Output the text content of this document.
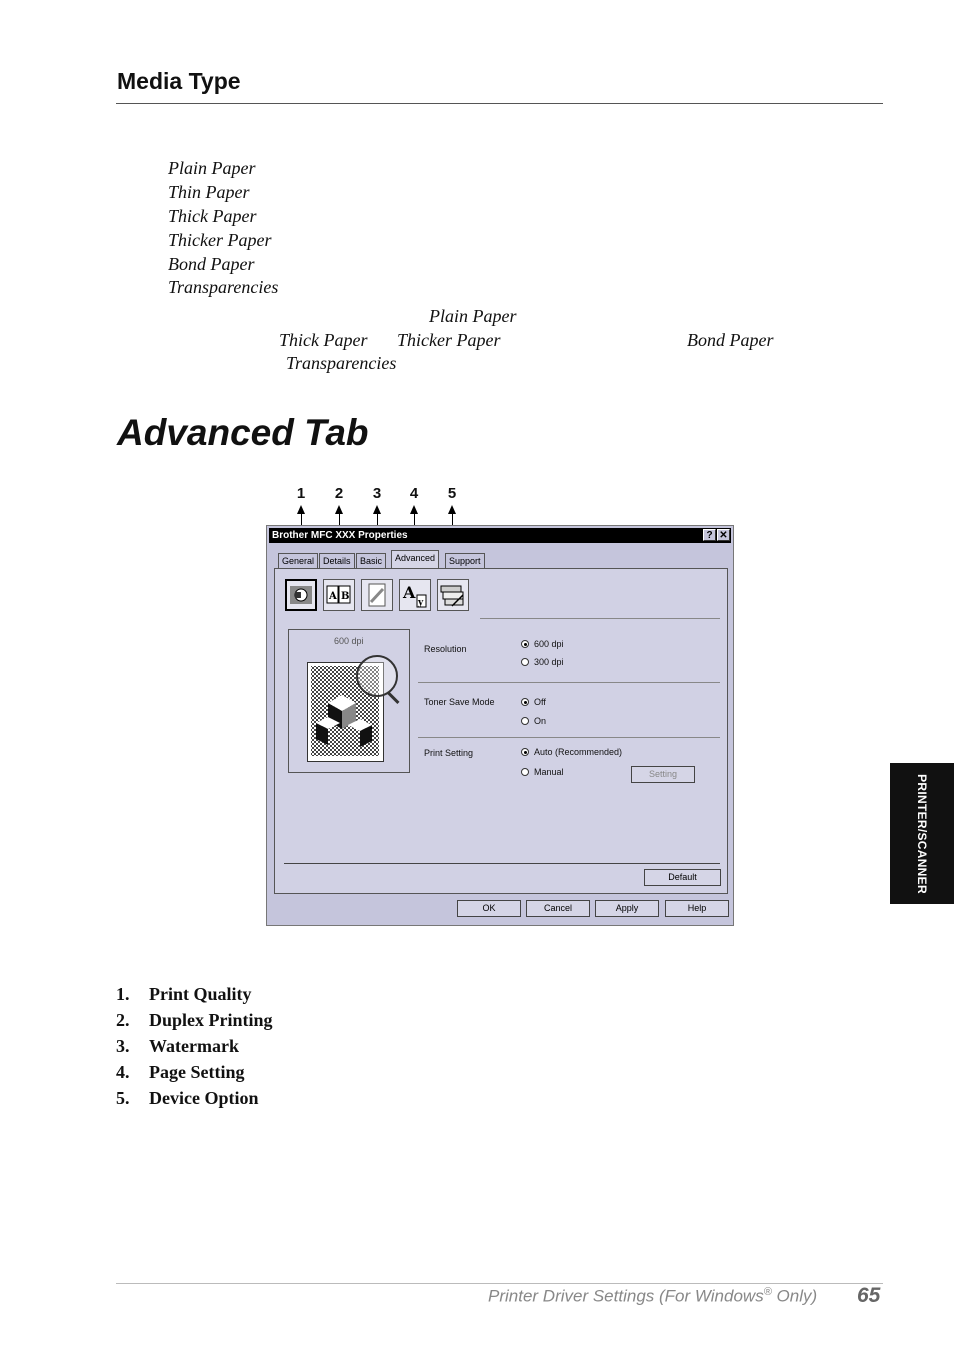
Media Type
Plain Paper
Thin Paper
Thick Paper
Thicker Paper
Bond Paper
Transparencies
Plain Paper
Thick Paper Thicker Paper	Bond Paper
Transparencies
Advanced Tab
1	2	3	4	5
Brother MFC XXX Properties	? ✕
General Details	Basic	Advanced	Support
A B	A
y
600 dpi
Resolution	600 dpi
300 dpi
Toner Save Mode	Off
On
Print Setting	Auto (Recommended)
Manual	Setting
Default
OK	Cancel	Apply	Help
1. Print Quality
2. Duplex Printing
3. Watermark
4. Page Setting
5. Device Option
PRINTER/SCANNER
Printer Driver Settings (For Windows® Only) 65
